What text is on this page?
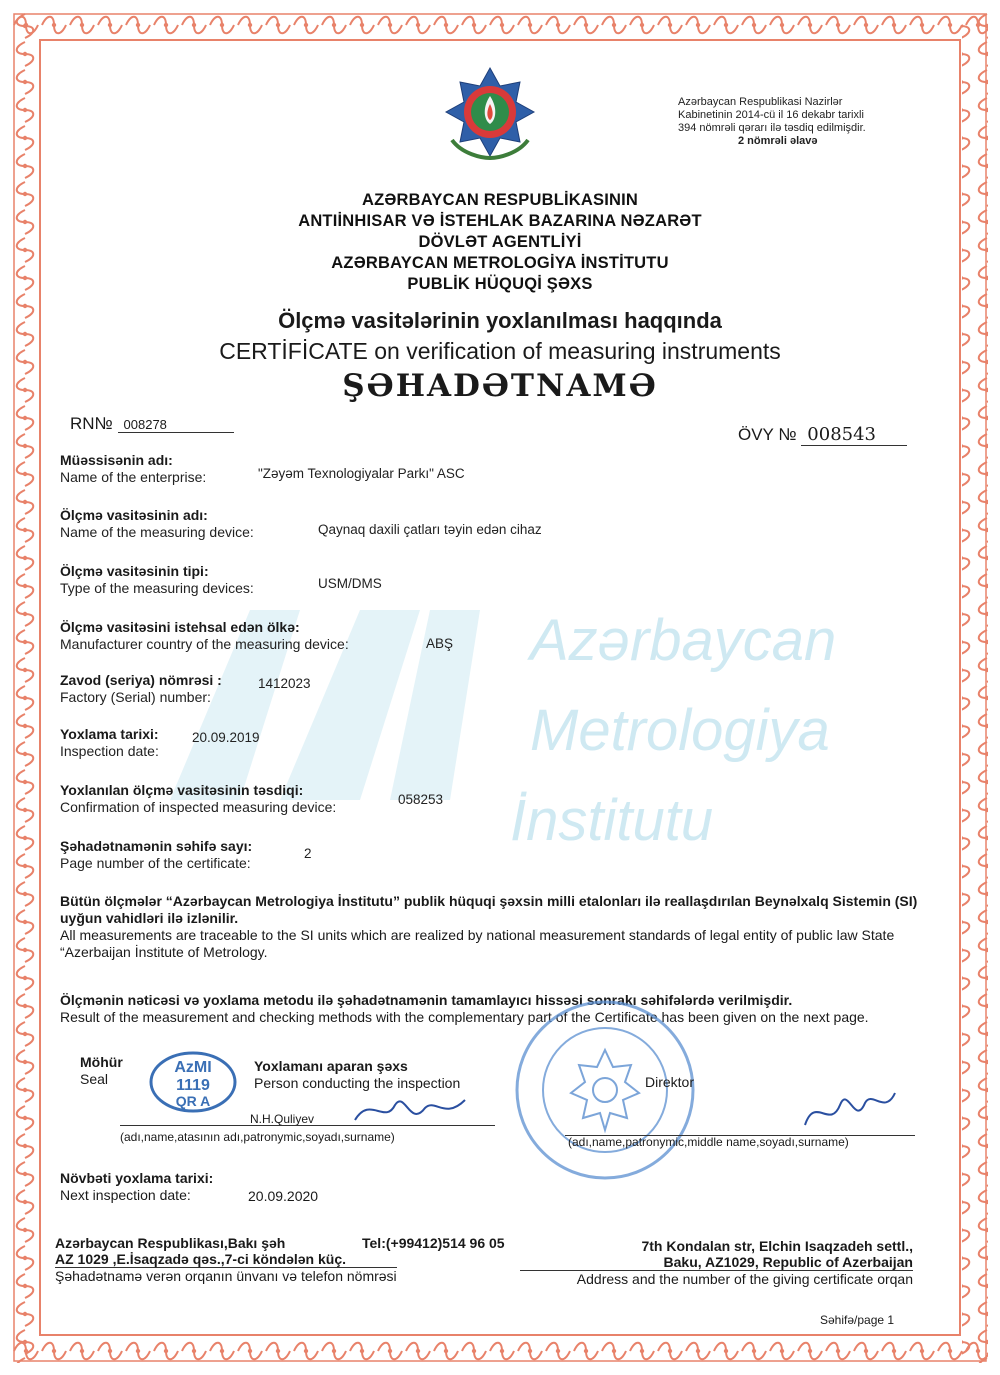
Azərbaycan
Metrologiya
İnstitutu
Azərbaycan Respublikasi Nazirlər
Kabinetinin 2014-cü il 16 dekabr tarixli
394 nömrəli qərarı ilə təsdiq edilmişdir.
2 nömrəli əlavə
AZƏRBAYCAN RESPUBLİKASININ
ANTIİNHISAR VƏ İSTEHLAK BAZARINA NƏZARƏT
DÖVLƏT AGENTLİYİ
AZƏRBAYCAN METROLOGİYA İNSTİTUTU
PUBLİK HÜQUQİ ŞƏXS
Ölçmə vasitələrinin yoxlanılması haqqında
CERTİFİCATE on verification of measuring instruments
ŞƏHADƏTNAMƏ
RN№ 008278
ÖVY № 008543
Müəssisənin adı:
Name of the enterprise:	"Zəyəm Texnologiyalar Parkı" ASC
Ölçmə vasitəsinin adı:
Name of the measuring device:	Qaynaq daxili çatları təyin edən cihaz
Ölçmə vasitəsinin tipi:
Type of the measuring devices:	USM/DMS
Ölçmə vasitəsini istehsal edən ölkə:
Manufacturer country of the measuring device:	ABŞ
Zavod (seriya) nömrəsi :
Factory (Serial) number:
1412023
Yoxlama tarixi:
Inspection date:
20.09.2019
Yoxlanılan ölçmə vasitəsinin təsdiqi:
Confirmation of inspected measuring device:	058253
Şəhadətnamənin səhifə sayı:
Page number of the certificate:
2
Bütün ölçmələr “Azərbaycan Metrologiya İnstitutu” publik hüquqi şəxsin milli etalonları ilə reallaşdırılan Beynəlxalq Sistemin (SI) uyğun vahidləri ilə izlənilir.
All measurements are traceable to the SI units which are realized by national measurement standards of legal entity of public law State “Azerbaijan İnstitute of Metrology.
Ölçmənin nəticəsi və yoxlama metodu ilə şəhadətnamənin tamamlayıcı hissəsi sonrakı səhifələrdə verilmişdir.
Result of the measurement and checking methods with the complementary part of the Certificate has been given on the next page.
Möhür
Seal
AzMI
1119
QR A
Yoxlamanı aparan şəxs
Person conducting the inspection
N.H.Quliyev
(adı,name,atasının adı,patronymic,soyadı,surname)
Direktor
(adı,name,patronymic,middle name,soyadı,surname)
Növbəti yoxlama tarixi:
Next inspection date:	20.09.2020
Azərbaycan Respublikası,Bakı şəh
AZ 1029 ,E.İsaqzadə qəs.,7-ci köndələn küç.
Şəhadətnamə verən orqanın ünvanı və telefon nömrəsi
Tel:(+99412)514 96 05	7th Kondalan str, Elchin Isaqzadeh settl.,
Baku, AZ1029, Republic of Azerbaijan
Address and the number of the giving certificate orqan
Səhifə/page 1
